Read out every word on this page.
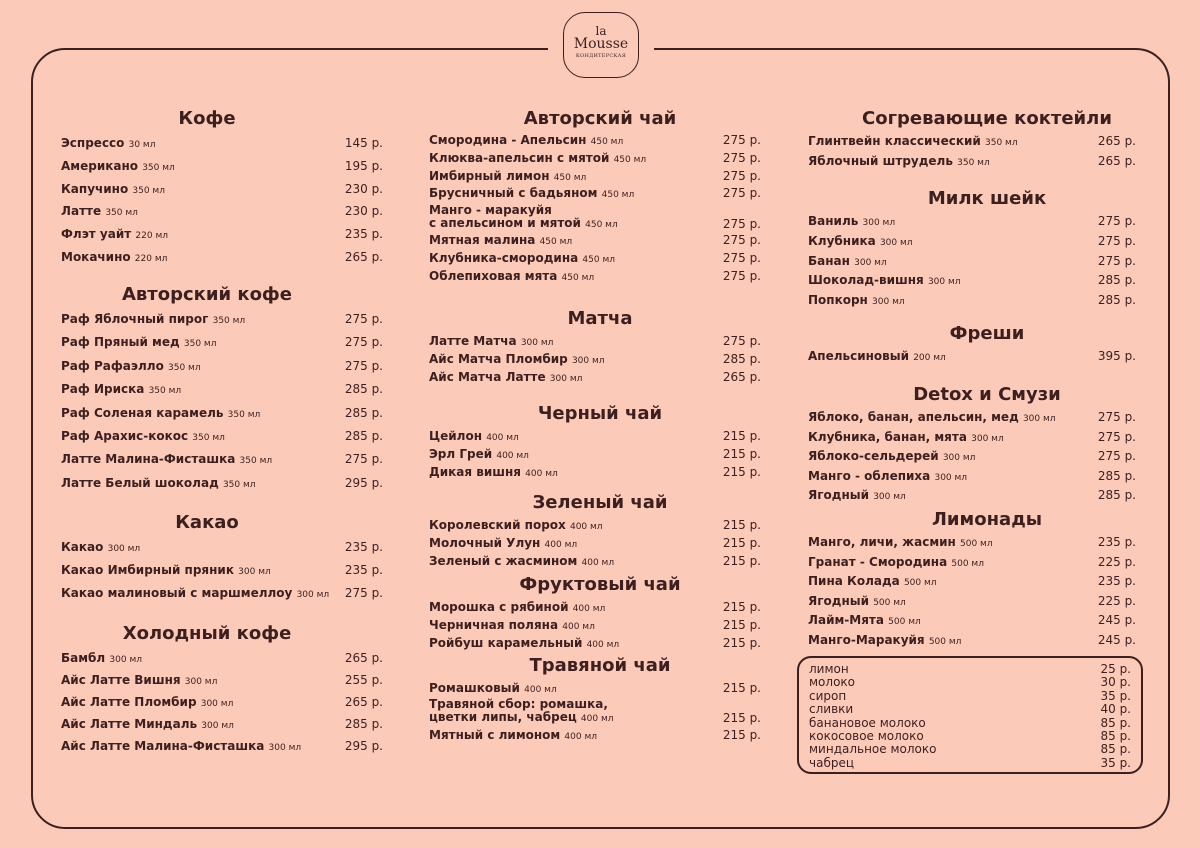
la
Mousse
КОНДИТЕРСКАЯ
Кофе
Эспрессо 30 мл	145 р.
Американо 350 мл	195 р.
Капучино 350 мл	230 р.
Латте 350 мл	230 р.
Флэт уайт 220 мл	235 р.
Мокачино 220 мл	265 р.
Авторский кофе
Раф Яблочный пирог 350 мл	275 р.
Раф Пряный мед 350 мл	275 р.
Раф Рафаэлло 350 мл	275 р.
Раф Ириска 350 мл	285 р.
Раф Соленая карамель 350 мл	285 р.
Раф Арахис-кокос 350 мл	285 р.
Латте Малина-Фисташка 350 мл	275 р.
Латте Белый шоколад 350 мл	295 р.
Какао
Какао 300 мл	235 р.
Какао Имбирный пряник 300 мл	235 р.
Какао малиновый с маршмеллоу 300 мл 275 р.
Холодный кофе
Бамбл 300 мл	265 р.
Айс Латте Вишня 300 мл	255 р.
Айс Латте Пломбир 300 мл	265 р.
Айс Латте Миндаль 300 мл	285 р.
Айс Латте Малина-Фисташка 300 мл	295 р.
Авторский чай
Смородина - Апельсин 450 мл	275 р.
Клюква-апельсин с мятой 450 мл	275 р.
Имбирный лимон 450 мл	275 р.
Брусничный с бадьяном 450 мл	275 р.
Манго - маракуйя
с апельсином и мятой 450 мл	275 р.
Мятная малина 450 мл	275 р.
Клубника-смородина 450 мл	275 р.
Облепиховая мята 450 мл	275 р.
Матча
Латте Матча 300 мл	275 р.
Айс Матча Пломбир 300 мл	285 р.
Айс Матча Латте 300 мл	265 р.
Черный чай
Цейлон 400 мл	215 р.
Эрл Грей 400 мл	215 р.
Дикая вишня 400 мл	215 р.
Зеленый чай
Королевский порох 400 мл	215 р.
Молочный Улун 400 мл	215 р.
Зеленый с жасмином 400 мл	215 р.
Фруктовый чай
Морошка с рябиной 400 мл	215 р.
Черничная поляна 400 мл	215 р.
Ройбуш карамельный 400 мл	215 р.
Травяной чай
Ромашковый 400 мл	215 р.
Травяной сбор: ромашка,
цветки липы, чабрец 400 мл	215 р.
Мятный с лимоном 400 мл	215 р.
Согревающие коктейли
Глинтвейн классический 350 мл	265 р.
Яблочный штрудель 350 мл	265 р.
Милк шейк
Ваниль 300 мл	275 р.
Клубника 300 мл	275 р.
Банан 300 мл	275 р.
Шоколад-вишня 300 мл	285 р.
Попкорн 300 мл	285 р.
Фреши
Апельсиновый 200 мл	395 р.
Detox и Смузи
Яблоко, банан, апельсин, мед 300 мл	275 р.
Клубника, банан, мята 300 мл	275 р.
Яблоко-сельдерей 300 мл	275 р.
Манго - облепиха 300 мл	285 р.
Ягодный 300 мл	285 р.
Лимонады
Манго, личи, жасмин 500 мл	235 р.
Гранат - Смородина 500 мл	225 р.
Пина Колада 500 мл	235 р.
Ягодный 500 мл	225 р.
Лайм-Мята 500 мл	245 р.
Манго-Маракуйя 500 мл	245 р.
лимон	25 р.
молоко	30 р.
сироп	35 р.
сливки	40 р.
банановое молоко	85 р.
кокосовое молоко	85 р.
миндальное молоко	85 р.
чабрец	35 р.
